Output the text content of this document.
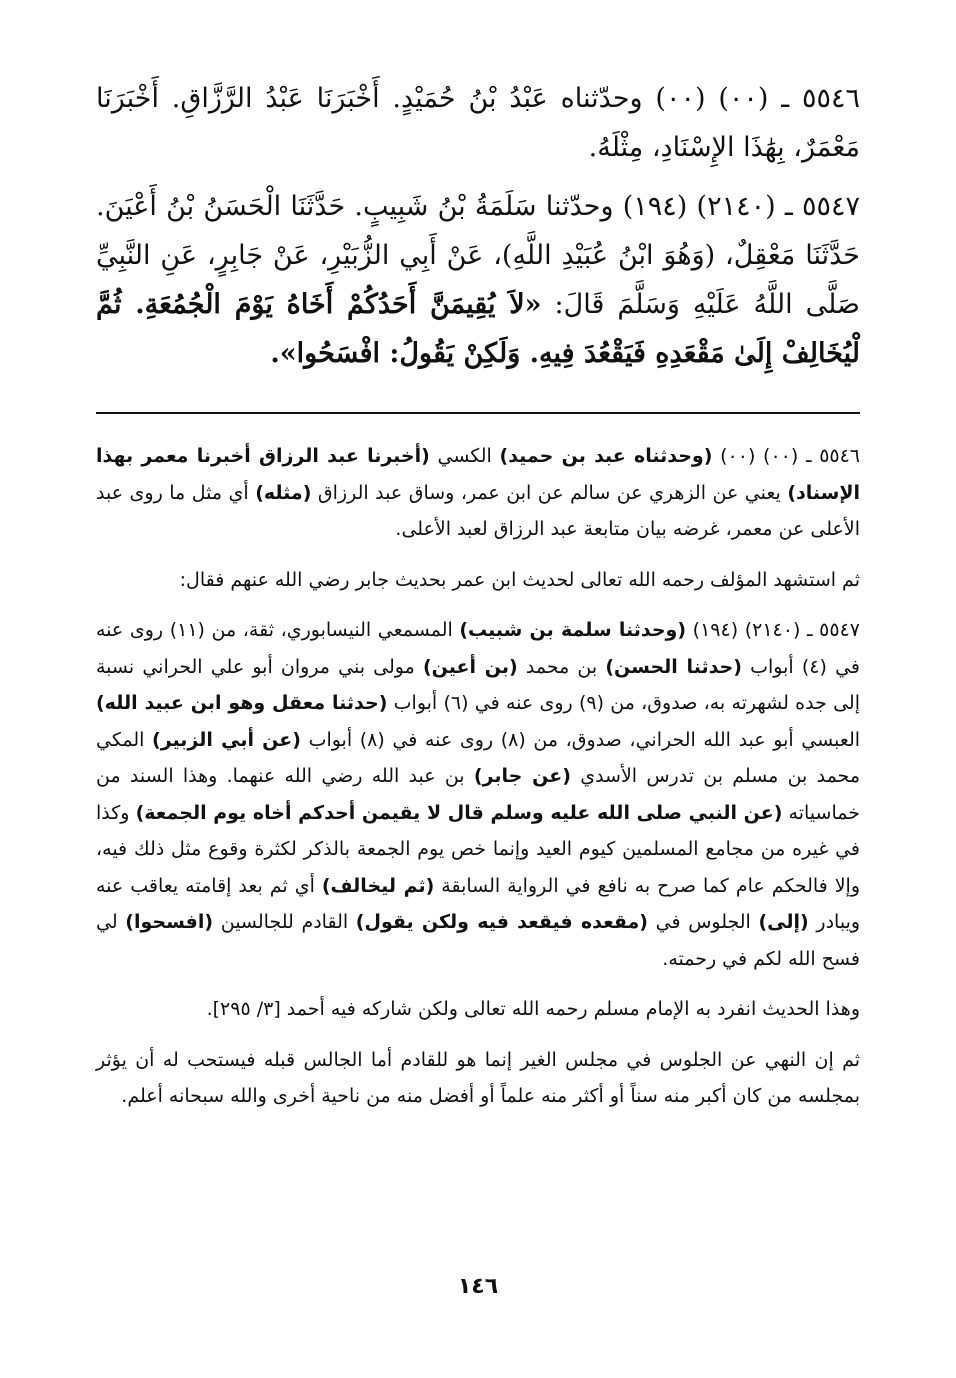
٥٥٤٦ ـ (٠٠) (٠٠) وحدّثناه عَبْدُ بْنُ حُمَيْدٍ. أَخْبَرَنَا عَبْدُ الرَّزَّاقِ. أَخْبَرَنَا مَعْمَرٌ، بِهَٰذَا الإِسْنَادِ، مِثْلَهُ.

٥٥٤٧ ـ (٢١٤٠) (١٩٤) وحدّثنا سَلَمَةُ بْنُ شَبِيبٍ. حَدَّثَنَا الْحَسَنُ بْنُ أَعْيَنَ. حَدَّثَنَا مَعْقِلٌ، (وَهُوَ ابْنُ عُبَيْدِ اللَّهِ)، عَنْ أَبِي الزُّبَيْرِ، عَنْ جَابِرٍ، عَنِ النَّبِيِّ صَلَّى اللَّهُ عَلَيْهِ وَسَلَّمَ قَالَ: «لاَ يُقِيمَنَّ أَحَدُكُمْ أَخَاهُ يَوْمَ الْجُمُعَةِ. ثُمَّ لْيُخَالِفْ إِلَىٰ مَقْعَدِهِ فَيَقْعُدَ فِيهِ. وَلَكِنْ يَقُولُ: افْسَحُوا».

٥٥٤٦ ـ (٠٠) (٠٠) (وحدثناه عبد بن حميد) الكسي (أخبرنا عبد الرزاق أخبرنا معمر بهذا الإسناد) يعني عن الزهري عن سالم عن ابن عمر، وساق عبد الرزاق (مثله) أي مثل ما روى عبد الأعلى عن معمر، غرضه بيان متابعة عبد الرزاق لعبد الأعلى.

ثم استشهد المؤلف رحمه الله تعالى لحديث ابن عمر بحديث جابر رضي الله عنهم فقال:

٥٥٤٧ ـ (٢١٤٠) (١٩٤) (وحدثنا سلمة بن شبيب) المسمعي النيسابوري، ثقة، من (١١) روى عنه في (٤) أبواب (حدثنا الحسن) بن محمد (بن أعين) مولى بني مروان أبو علي الحراني نسبة إلى جده لشهرته به، صدوق، من (٩) روى عنه في (٦) أبواب (حدثنا معقل وهو ابن عبيد الله) العبسي أبو عبد الله الحراني، صدوق، من (٨) روى عنه في (٨) أبواب (عن أبي الزبير) المكي محمد بن مسلم بن تدرس الأسدي (عن جابر) بن عبد الله رضي الله عنهما. وهذا السند من خماسياته (عن النبي صلى الله عليه وسلم قال لا يقيمن أحدكم أخاه يوم الجمعة) وكذا في غيره من مجامع المسلمين كيوم العيد وإنما خص يوم الجمعة بالذكر لكثرة وقوع مثل ذلك فيه، وإلا فالحكم عام كما صرح به نافع في الرواية السابقة (ثم ليخالف) أي ثم بعد إقامته يعاقب عنه ويبادر (إلى) الجلوس في (مقعده فيقعد فيه ولكن يقول) القادم للجالسين (افسحوا) لي فسح الله لكم في رحمته.

وهذا الحديث انفرد به الإمام مسلم رحمه الله تعالى ولكن شاركه فيه أحمد [٣/ ٢٩٥].

ثم إن النهي عن الجلوس في مجلس الغير إنما هو للقادم أما الجالس قبله فيستحب له أن يؤثر بمجلسه من كان أكبر منه سناً أو أكثر منه علماً أو أفضل منه من ناحية أخرى والله سبحانه أعلم.

١٤٦
